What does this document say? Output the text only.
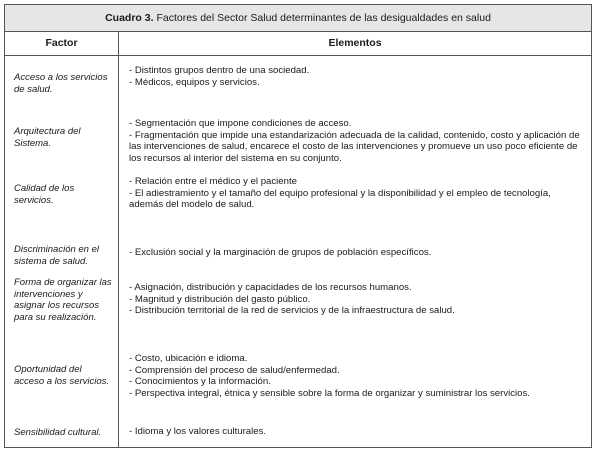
Cuadro 3. Factores del Sector Salud determinantes de las desigualdades en salud
Factor	Elementos
Acceso a los servicios de salud.
Arquitectura del Sistema.
Calidad de los servicios.
Discriminación en el sistema de salud.
Forma de organizar las intervenciones y asignar los recursos para su realización.
Oportunidad del acceso a los servicios.
Sensibilidad cultural.
- Distintos grupos dentro de una sociedad.
- Médicos, equipos y servicios.
- Segmentación que impone condiciones de acceso.
- Fragmentación que impide una estandarización adecuada de la calidad, contenido, costo y aplicación de las intervenciones de salud, encarece el costo de las intervenciones y promueve un uso poco eficiente de los recursos al interior del sistema en su conjunto.
- Relación entre el médico y el paciente
- El adiestramiento y el tamaño del equipo profesional y la disponibilidad y el empleo de tecnología, además del modelo de salud.
- Exclusión social y la marginación de grupos de población específicos.
- Asignación, distribución y capacidades de los recursos humanos.
- Magnitud y distribución del gasto público.
- Distribución territorial de la red de servicios y de la infraestructura de salud.
- Costo, ubicación e idioma.
- Comprensión del proceso de salud/enfermedad.
- Conocimientos y la información.
- Perspectiva integral, étnica y sensible sobre la forma de organizar y suministrar los servicios.
- Idioma y los valores culturales.
